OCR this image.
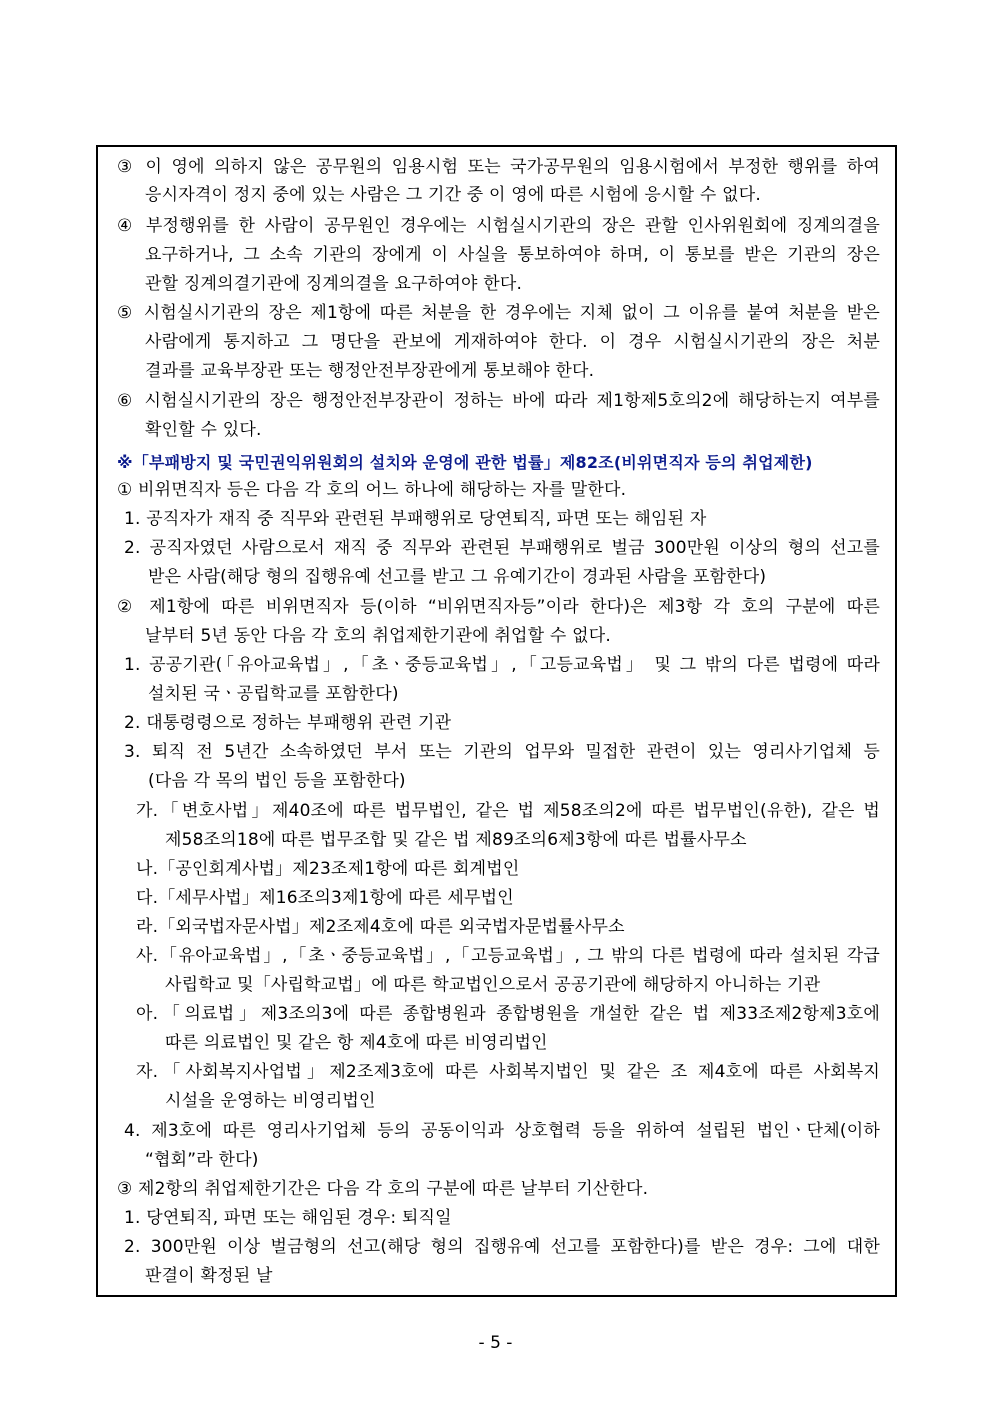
③ 이 영에 의하지 않은 공무원의 임용시험 또는 국가공무원의 임용시험에서 부정한 행위를 하여
응시자격이 정지 중에 있는 사람은 그 기간 중 이 영에 따른 시험에 응시할 수 없다.
④ 부정행위를 한 사람이 공무원인 경우에는 시험실시기관의 장은 관할 인사위원회에 징계의결을
요구하거나, 그 소속 기관의 장에게 이 사실을 통보하여야 하며, 이 통보를 받은 기관의 장은
관할 징계의결기관에 징계의결을 요구하여야 한다.
⑤ 시험실시기관의 장은 제1항에 따른 처분을 한 경우에는 지체 없이 그 이유를 붙여 처분을 받은
사람에게 통지하고 그 명단을 관보에 게재하여야 한다. 이 경우 시험실시기관의 장은 처분
결과를 교육부장관 또는 행정안전부장관에게 통보해야 한다.
⑥ 시험실시기관의 장은 행정안전부장관이 정하는 바에 따라 제1항제5호의2에 해당하는지 여부를
확인할 수 있다.
※「부패방지 및 국민권익위원회의 설치와 운영에 관한 법률」제82조(비위면직자 등의 취업제한)
① 비위면직자 등은 다음 각 호의 어느 하나에 해당하는 자를 말한다.
1. 공직자가 재직 중 직무와 관련된 부패행위로 당연퇴직, 파면 또는 해임된 자
2. 공직자였던 사람으로서 재직 중 직무와 관련된 부패행위로 벌금 300만원 이상의 형의 선고를
받은 사람(해당 형의 집행유예 선고를 받고 그 유예기간이 경과된 사람을 포함한다)
② 제1항에 따른 비위면직자 등(이하 “비위면직자등”이라 한다)은 제3항 각 호의 구분에 따른
날부터 5년 동안 다음 각 호의 취업제한기관에 취업할 수 없다.
1. 공공기관(「유아교육법」,「초ㆍ중등교육법」,「고등교육법」 및 그 밖의 다른 법령에 따라
설치된 국ㆍ공립학교를 포함한다)
2. 대통령령으로 정하는 부패행위 관련 기관
3. 퇴직 전 5년간 소속하였던 부서 또는 기관의 업무와 밀접한 관련이 있는 영리사기업체 등
(다음 각 목의 법인 등을 포함한다)
가.「변호사법」제40조에 따른 법무법인, 같은 법 제58조의2에 따른 법무법인(유한), 같은 법
제58조의18에 따른 법무조합 및 같은 법 제89조의6제3항에 따른 법률사무소
나.「공인회계사법」제23조제1항에 따른 회계법인
다.「세무사법」제16조의3제1항에 따른 세무법인
라.「외국법자문사법」제2조제4호에 따른 외국법자문법률사무소
사.「유아교육법」,「초ㆍ중등교육법」,「고등교육법」, 그 밖의 다른 법령에 따라 설치된 각급
사립학교 및「사립학교법」에 따른 학교법인으로서 공공기관에 해당하지 아니하는 기관
아.「의료법」제3조의3에 따른 종합병원과 종합병원을 개설한 같은 법 제33조제2항제3호에
따른 의료법인 및 같은 항 제4호에 따른 비영리법인
자.「사회복지사업법」제2조제3호에 따른 사회복지법인 및 같은 조 제4호에 따른 사회복지
시설을 운영하는 비영리법인
4. 제3호에 따른 영리사기업체 등의 공동이익과 상호협력 등을 위하여 설립된 법인ㆍ단체(이하
“협회”라 한다)
③ 제2항의 취업제한기간은 다음 각 호의 구분에 따른 날부터 기산한다.
1. 당연퇴직, 파면 또는 해임된 경우: 퇴직일
2. 300만원 이상 벌금형의 선고(해당 형의 집행유예 선고를 포함한다)를 받은 경우: 그에 대한
판결이 확정된 날
- 5 -
